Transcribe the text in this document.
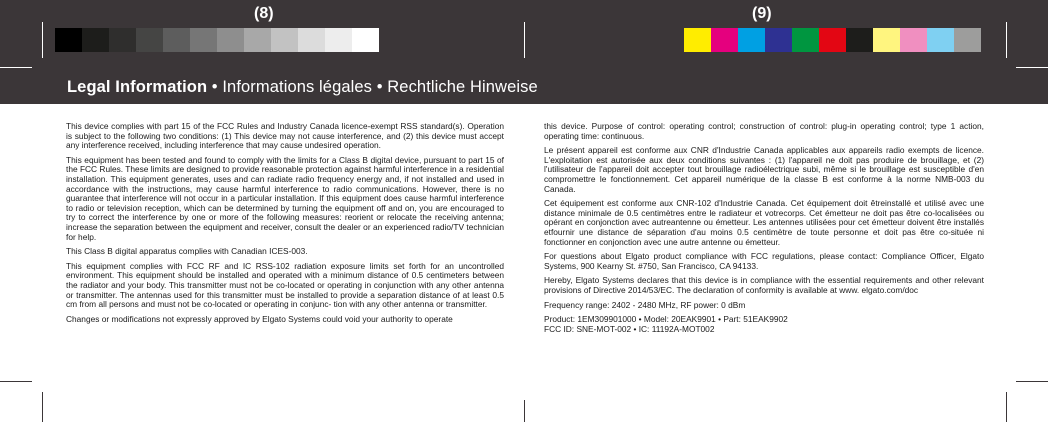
(8)	(9)
Legal Information • Informations légales • Rechtliche Hinweise

This device complies with part 15 of the FCC Rules and Industry Canada licence-exempt RSS standard(s). Operation is subject to the following two conditions: (1) This device may not cause interference, and (2) this device must accept any interference received, including interference that may cause undesired operation.

This equipment has been tested and found to comply with the limits for a Class B digital device, pursuant to part 15 of the FCC Rules. These limits are designed to provide reasonable protection against harmful interference in a residential installation. This equipment generates, uses and can radiate radio frequency energy and, if not installed and used in accordance with the instructions, may cause harmful interference to radio communications. However, there is no guarantee that interference will not occur in a particular installation. If this equipment does cause harmful interference to radio or television reception, which can be determined by turning the equipment off and on, you are encouraged to try to correct the interference by one or more of the following measures: reorient or relocate the receiving antenna; increase the separation between the equipment and receiver, consult the dealer or an experienced radio/TV technician for help.

This Class B digital apparatus complies with Canadian ICES-003.

This equipment complies with FCC RF and IC RSS-102 radiation exposure limits set forth for an uncontrolled environment. This equipment should be installed and operated with a minimum distance of 0.5 centimeters between the radiator and your body. This transmitter must not be co-located or operating in conjunction with any other antenna or transmitter. The antennas used for this transmitter must be installed to provide a separation distance of at least 0.5 cm from all persons and must not be co-located or operating in conjunc- tion with any other antenna or transmitter.

Changes or modifications not expressly approved by Elgato Systems could void your authority to operate

this device. Purpose of control: operating control; construction of control: plug-in operating control; type 1 action, operating time: continuous.

Le présent appareil est conforme aux CNR d'Industrie Canada applicables aux appareils radio exempts de licence. L'exploitation est autorisée aux deux conditions suivantes : (1) l'appareil ne doit pas produire de brouillage, et (2) l'utilisateur de l'appareil doit accepter tout brouillage radioélectrique subi, même si le brouillage est susceptible d'en compromettre le fonctionnement. Cet appareil numérique de la classe B est conforme à la norme NMB-003 du Canada.

Cet équipement est conforme aux CNR-102 d'Industrie Canada. Cet équipement doit êtreinstallé et utilisé avec une distance minimale de 0.5 centimètres entre le radiateur et votrecorps. Cet émetteur ne doit pas être co-localisées ou opérant en conjonction avec autreantenne ou émetteur. Les antennes utilisées pour cet émetteur doivent être installés etfournir une distance de séparation d'au moins 0.5 centimètre de toute personne et doit pas être co-située ni fonctionner en conjonction avec une autre antenne ou émetteur.

For questions about Elgato product compliance with FCC regulations, please contact: Compliance Officer, Elgato Systems, 900 Kearny St. #750, San Francisco, CA 94133.

Hereby, Elgato Systems declares that this device is in compliance with the essential requirements and other relevant provisions of Directive 2014/53/EC. The declaration of conformity is available at www. elgato.com/doc

Frequency range: 2402 - 2480 MHz, RF power: 0 dBm

Product: 1EM309901000 • Model: 20EAK9901 • Part: 51EAK9902

FCC ID: SNE-MOT-002 • IC: 11192A-MOT002
